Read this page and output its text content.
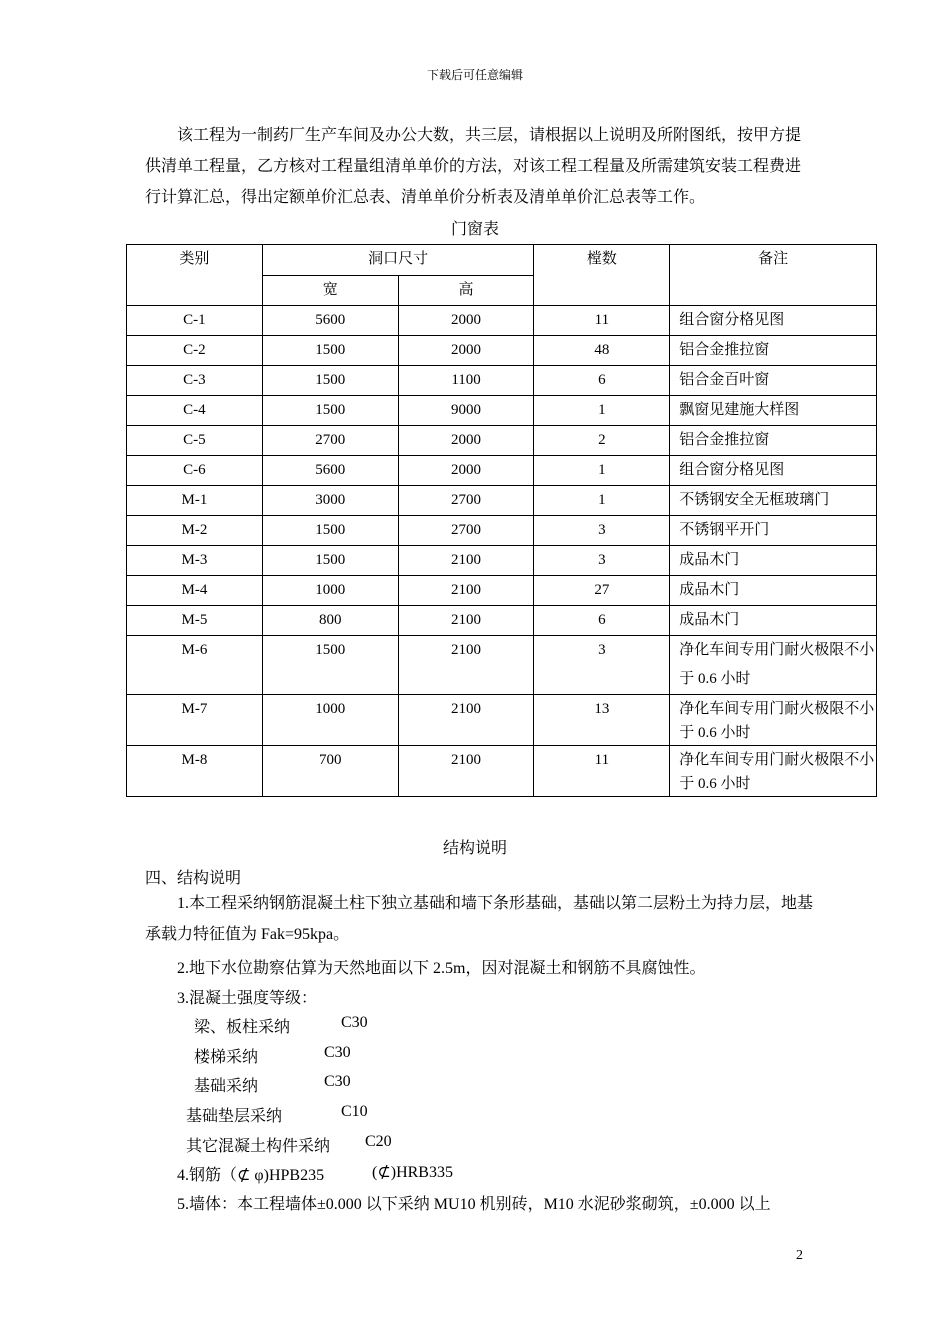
下载后可任意编辑
该工程为一制药厂生产车间及办公大数，共三层，请根据以上说明及所附图纸，按甲方提供清单工程量，乙方核对工程量组清单单价的方法，对该工程工程量及所需建筑安装工程费进行计算汇总，得出定额单价汇总表、清单单价分析表及清单单价汇总表等工作。
门窗表
类别	洞口尺寸		樘数	备注
	宽	高		
C-1	5600	2000	11	组合窗分格见图
C-2	1500	2000	48	铝合金推拉窗
C-3	1500	1100	6	铝合金百叶窗
C-4	1500	9000	1	飘窗见建施大样图
C-5	2700	2000	2	铝合金推拉窗
C-6	5600	2000	1	组合窗分格见图
M-1	3000	2700	1	不锈钢安全无框玻璃门
M-2	1500	2700	3	不锈钢平开门
M-3	1500	2100	3	成品木门
M-4	1000	2100	27	成品木门
M-5	800	2100	6	成品木门
M-6	1500	2100	3	净化车间专用门耐火极限不小于 0.6 小时
M-7	1000	2100	13	净化车间专用门耐火极限不小于 0.6 小时
M-8	700	2100	11	净化车间专用门耐火极限不小于 0.6 小时
结构说明
四、结构说明
1.本工程采纳钢筋混凝土柱下独立基础和墙下条形基础，基础以第二层粉土为持力层，地基承载力特征值为 Fak=95kpa。
2.地下水位勘察估算为天然地面以下 2.5m，因对混凝土和钢筋不具腐蚀性。
3.混凝土强度等级：
梁、板柱采纳	C30
楼梯采纳	C30
基础采纳	C30
基础垫层采纳	C10
其它混凝土构件采纳 C20
4.钢筋（⊄ φ)HPB235	(⊄)HRB335
5.墙体：本工程墙体±0.000 以下采纳 MU10 机别砖，M10 水泥砂浆砌筑，±0.000 以上
2
